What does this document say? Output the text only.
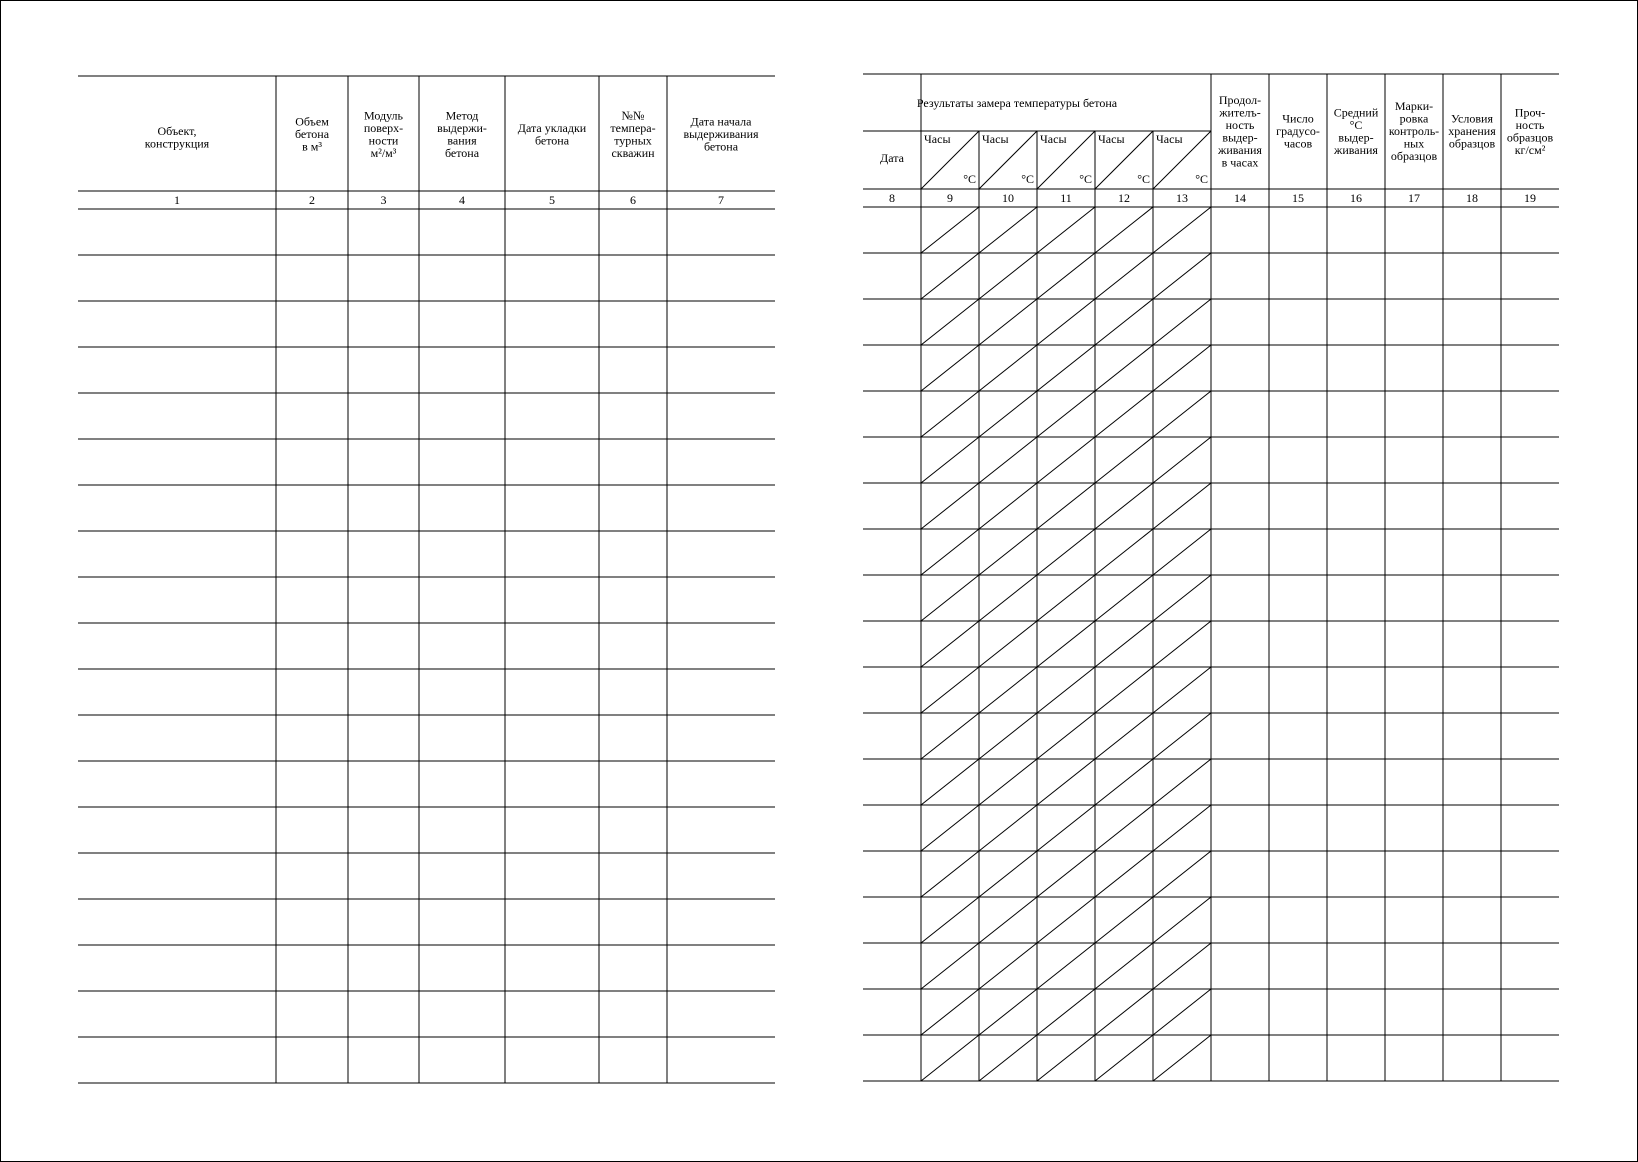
Объект,
конструкция
1
Объем
бетона
в м³
2
Модуль
поверх-
ности
м²/м³
3
Метод
выдержи-
вания
бетона
4
Дата укладки
бетона
5
№№
темпера-
турных
скважин
6
Дата начала
выдерживания
бетона
7
Результаты замера температуры бетона
Дата
8
Часы
°C
9
Часы
°C
10
Часы
°C
11
Часы
°C
12
Часы
°C
13
Продол-
жителъ-
ность
выдер-
живания
в часах
14
Число
градусо-
часов
15
Средний
°C
выдер-
живания
16
Марки-
ровка
контроль-
ных
образцов
17
Условия
хранения
образцов
18
Проч-
ность
образцов
кг/см²
19
